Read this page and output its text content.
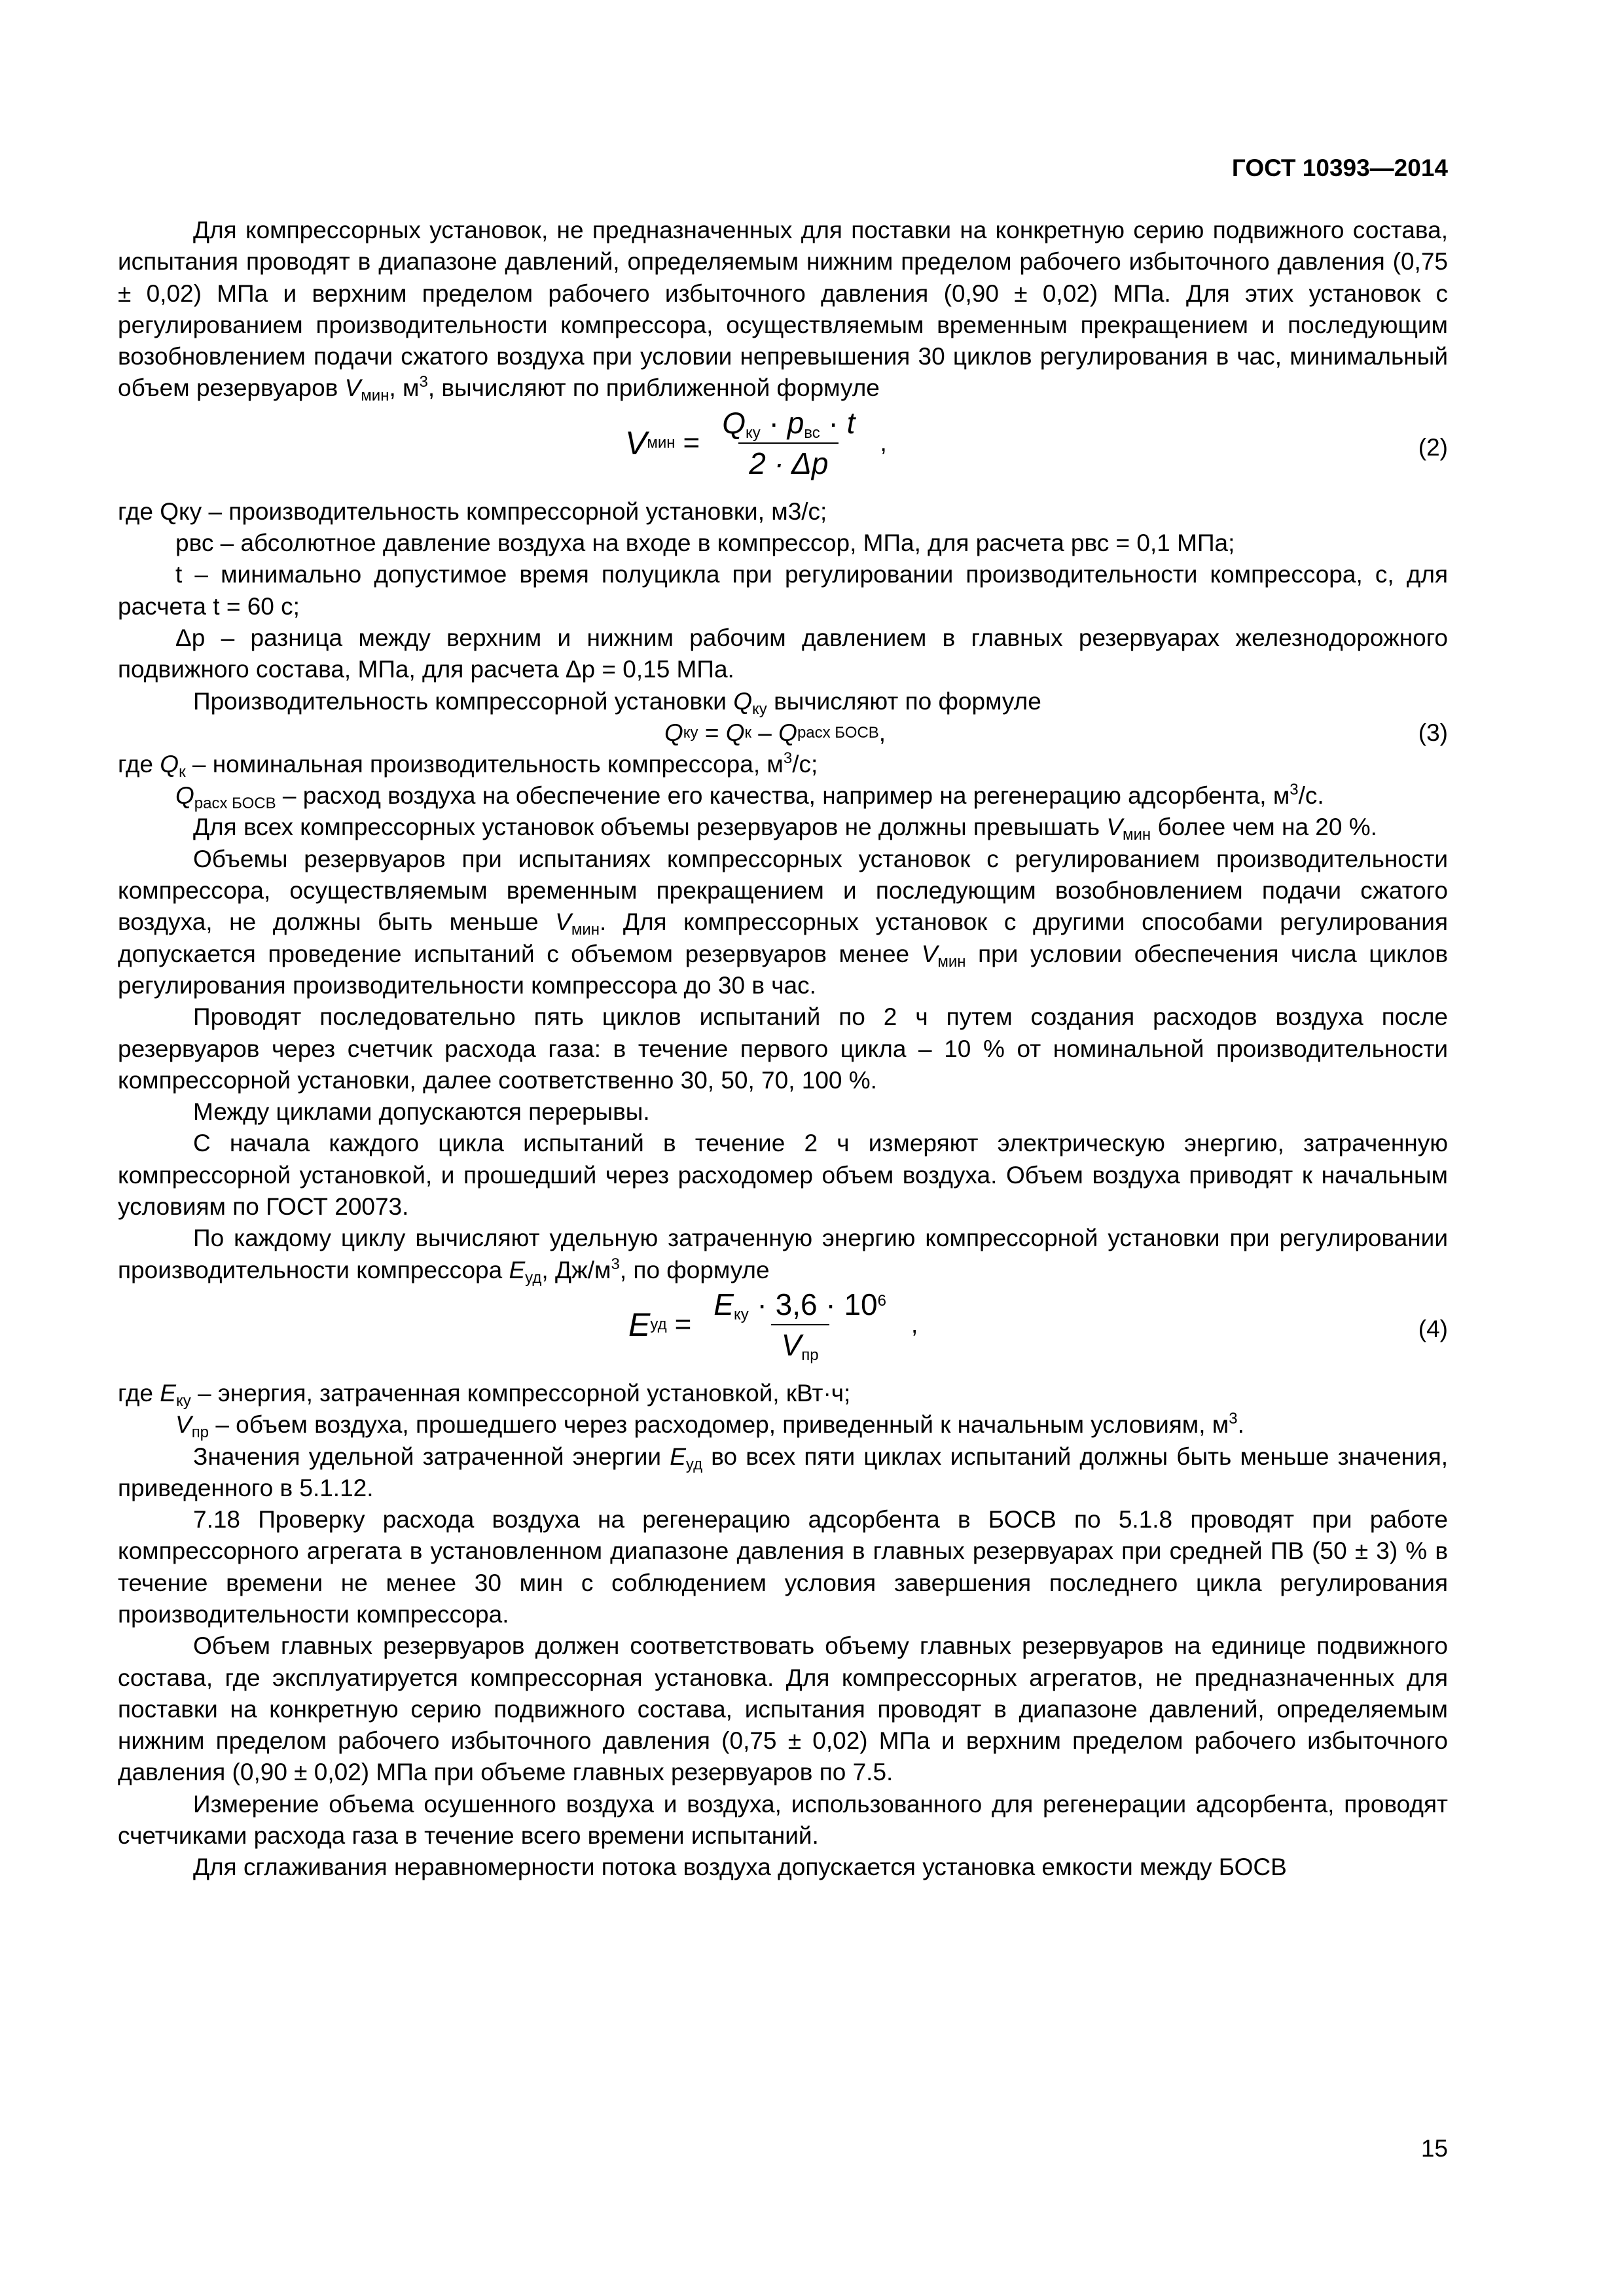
ГОСТ 10393—2014

Для компрессорных установок, не предназначенных для поставки на конкретную серию подвижного состава, испытания проводят в диапазоне давлений, определяемым нижним пределом рабочего избыточного давления (0,75 ± 0,02) МПа и верхним пределом рабочего избыточного давления (0,90 ± 0,02) МПа. Для этих установок с регулированием производительности компрессора, осуществляемым временным прекращением и последующим возобновлением подачи сжатого воздуха при условии непревышения 30 циклов регулирования в час, минимальный объем резервуаров $V_{мин}$, $м^3$, вычисляют по приближенной формуле

V мин = $\frac{Q_{ку} \cdot p_{вс} \cdot t}{2 \cdot \Delta p}$ ,	(2)

где Qку – производительность компрессорной установки, м3/с;

pвс – абсолютное давление воздуха на входе в компрессор, МПа, для расчета pвс = 0,1 МПа;

t – минимально допустимое время полуцикла при регулировании производительности компрессора, с, для расчета t = 60 с;

Δp – разница между верхним и нижним рабочим давлением в главных резервуарах железнодорожного подвижного состава, МПа, для расчета Δp = 0,15 МПа.

Производительность компрессорной установки $Q_{ку}$ вычисляют по формуле

Q ку
=
Q к
–
Q расх БОСВ ,	(3)

где $Q_к$ – номинальная производительность компрессора, $м^3/с$;

$Q_{расх БОСВ}$ – расход воздуха на обеспечение его качества, например на регенерацию адсорбента, $м^3/с$.

Для всех компрессорных установок объемы резервуаров не должны превышать $V_{мин}$ более чем на 20 %.

Объемы резервуаров при испытаниях компрессорных установок с регулированием производительности компрессора, осуществляемым временным прекращением и последующим возобновлением подачи сжатого воздуха, не должны быть меньше $V_{мин}$. Для компрессорных установок с другими способами регулирования допускается проведение испытаний с объемом резервуаров менее $V_{мин}$ при условии обеспечения числа циклов регулирования производительности компрессора до 30 в час.

Проводят последовательно пять циклов испытаний по 2 ч путем создания расходов воздуха после резервуаров через счетчик расхода газа: в течение первого цикла – 10 % от номинальной производительности компрессорной установки, далее соответственно 30, 50, 70, 100 %.

Между циклами допускаются перерывы.

С начала каждого цикла испытаний в течение 2 ч измеряют электрическую энергию, затраченную компрессорной установкой, и прошедший через расходомер объем воздуха. Объем воздуха приводят к начальным условиям по ГОСТ 20073.

По каждому циклу вычисляют удельную затраченную энергию компрессорной установки при регулировании производительности компрессора $E_{уд}$, $Дж/м^3$, по формуле

E уд = $\frac{E_{ку} \cdot 3,6 \cdot 10^6}{V_{пр}}$ ,	(4)

где $E_{ку}$ – энергия, затраченная компрессорной установкой, кВт·ч;

$V_{пр}$ – объем воздуха, прошедшего через расходомер, приведенный к начальным условиям, $м^3$.

Значения удельной затраченной энергии $E_{уд}$ во всех пяти циклах испытаний должны быть меньше значения, приведенного в 5.1.12.

7.18 Проверку расхода воздуха на регенерацию адсорбента в БОСВ по 5.1.8 проводят при работе компрессорного агрегата в установленном диапазоне давления в главных резервуарах при средней ПВ (50 ± 3) % в течение времени не менее 30 мин с соблюдением условия завершения последнего цикла регулирования производительности компрессора.

Объем главных резервуаров должен соответствовать объему главных резервуаров на единице подвижного состава, где эксплуатируется компрессорная установка. Для компрессорных агрегатов, не предназначенных для поставки на конкретную серию подвижного состава, испытания проводят в диапазоне давлений, определяемым нижним пределом рабочего избыточного давления (0,75 ± 0,02) МПа и верхним пределом рабочего избыточного давления (0,90 ± 0,02) МПа при объеме главных резервуаров по 7.5.

Измерение объема осушенного воздуха и воздуха, использованного для регенерации адсорбента, проводят счетчиками расхода газа в течение всего времени испытаний.

Для сглаживания неравномерности потока воздуха допускается установка емкости между БОСВ

15
